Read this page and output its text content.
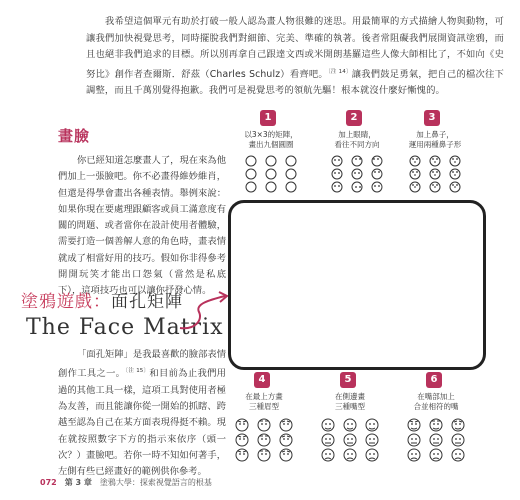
我希望這個單元有助於打破一般人認為畫人物很難的迷思。用最簡單的方式描繪人物與動物，可讓我們加快視覺思考，同時擺脫我們對細節、完美、準確的執著。後者常阻礙我們展開資訊塗鴉，而且也絕非我們追求的目標。所以別再拿自己跟達文西或米開朗基羅這些人像大師相比了，不如向《史努比》創作者查爾斯．舒茲（Charles Schulz）看齊吧。$^{〔注 14〕}$讓我們鼓足勇氣，把自己的檔次往下調整，而且千萬別覺得抱歉。我們可是視覺思考的領航先驅！根本就沒什麼好慚愧的。
畫臉
你已經知道怎麼畫人了，現在來為他們加上一張臉吧。你不必畫得維妙維肖，但還是得學會畫出各種表情。舉例來說：如果你現在要處理跟顧客或員工滿意度有關的問題、或者當你在設計使用者體驗，需要打造一個善解人意的角色時，畫表情就成了相當好用的技巧。假如你非得參考開開玩笑才能出口怨氣（當然是私底下），這項技巧也可以讓你抒發心情。
塗鴉遊戲：面孔矩陣
The Face Matrix
「面孔矩陣」是我最喜歡的臉部表情創作工具之一。$^{〔注 15〕}$和目前為止我們用過的其他工具一樣，這項工具對使用者極為友善，而且能讓你從一開始的抓瞎、跨越至認為自己在某方面表現得挺不賴。現在就按照數字下方的指示來依序（頭一次？）畫臉吧。若你一時不知如何著手，左側有些已經畫好的範例供你參考。
1
以3×3的矩陣，
畫出九個圓圈
2
加上眼睛，
看往不同方向
3
加上鼻子，
運用兩種鼻子形
4
在最上方畫
三種眉型
5
在側邊畫
三種嘴型
6
在嘴部加上
合並相符的嘴
072 第 3 章 塗鴉大學：探索視覺語言的根基
